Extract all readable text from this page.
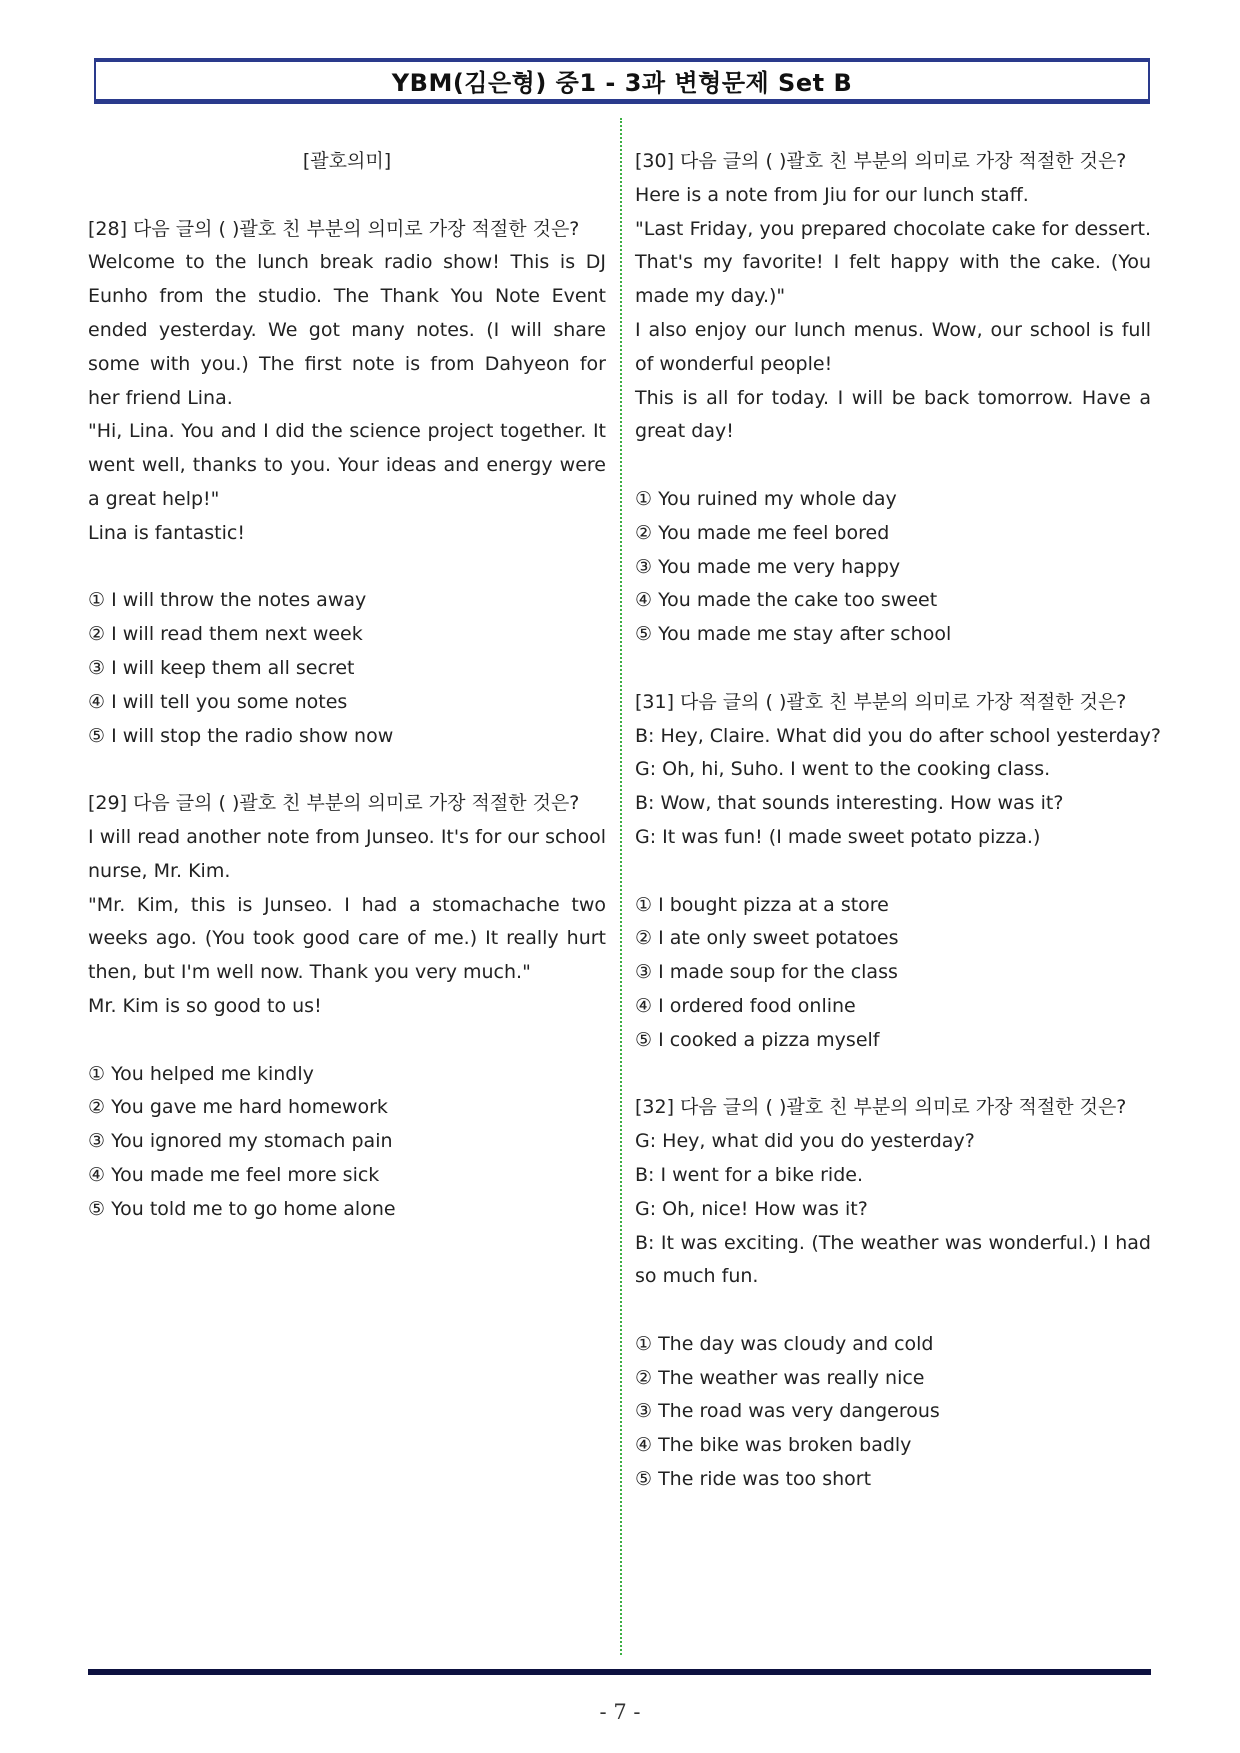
YBM(김은형) 중1 - 3과 변형문제 Set B
[괄호의미]
[28] 다음 글의 ( )괄호 친 부분의 의미로 가장 적절한 것은?
Welcome to the lunch break radio show! This is DJ Eunho from the studio. The Thank You Note Event ended yesterday. We got many notes. (I will share some with you.) The first note is from Dahyeon for her friend Lina.
"Hi, Lina. You and I did the science project together. It went well, thanks to you. Your ideas and energy were a great help!"
Lina is fantastic!
① I will throw the notes away
② I will read them next week
③ I will keep them all secret
④ I will tell you some notes
⑤ I will stop the radio show now
[29] 다음 글의 ( )괄호 친 부분의 의미로 가장 적절한 것은?
I will read another note from Junseo. It's for our school nurse, Mr. Kim.
"Mr. Kim, this is Junseo. I had a stomachache two weeks ago. (You took good care of me.) It really hurt then, but I'm well now. Thank you very much."
Mr. Kim is so good to us!
① You helped me kindly
② You gave me hard homework
③ You ignored my stomach pain
④ You made me feel more sick
⑤ You told me to go home alone
[30] 다음 글의 ( )괄호 친 부분의 의미로 가장 적절한 것은?
Here is a note from Jiu for our lunch staff.
"Last Friday, you prepared chocolate cake for dessert. That's my favorite! I felt happy with the cake. (You made my day.)"
I also enjoy our lunch menus. Wow, our school is full of wonderful people!
This is all for today. I will be back tomorrow. Have a great day!
① You ruined my whole day
② You made me feel bored
③ You made me very happy
④ You made the cake too sweet
⑤ You made me stay after school
[31] 다음 글의 ( )괄호 친 부분의 의미로 가장 적절한 것은?
B: Hey, Claire. What did you do after school yesterday?
G: Oh, hi, Suho. I went to the cooking class.
B: Wow, that sounds interesting. How was it?
G: It was fun! (I made sweet potato pizza.)
① I bought pizza at a store
② I ate only sweet potatoes
③ I made soup for the class
④ I ordered food online
⑤ I cooked a pizza myself
[32] 다음 글의 ( )괄호 친 부분의 의미로 가장 적절한 것은?
G: Hey, what did you do yesterday?
B: I went for a bike ride.
G: Oh, nice! How was it?
B: It was exciting. (The weather was wonderful.) I had so much fun.
① The day was cloudy and cold
② The weather was really nice
③ The road was very dangerous
④ The bike was broken badly
⑤ The ride was too short
- 7 -
